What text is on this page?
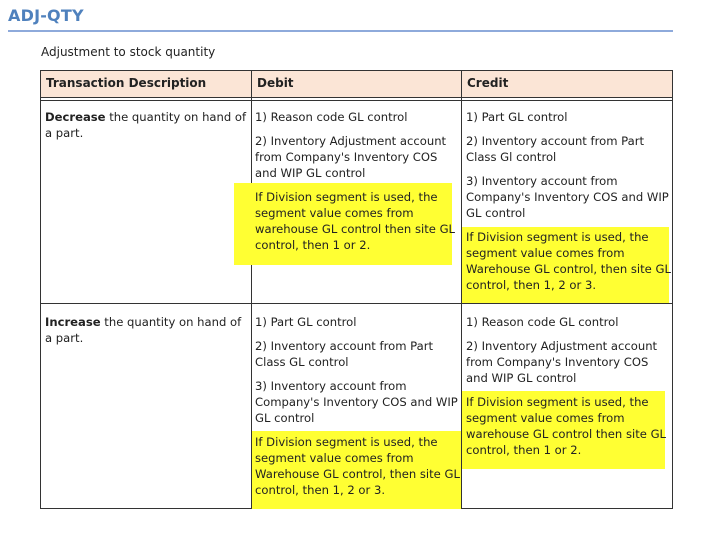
ADJ-QTY
Adjustment to stock quantity
Transaction Description	Debit	Credit
Decrease the quantity on hand of a part.

1) Reason code GL control

2) Inventory Adjustment account from Company's Inventory COS and WIP GL control

If Division segment is used, the segment value comes from warehouse GL control then site GL control, then 1 or 2.

1) Part GL control

2) Inventory account from Part Class Gl control

3) Inventory account from Company's Inventory COS and WIP GL control

If Division segment is used, the segment value comes from Warehouse GL control, then site GL control, then 1, 2 or 3.

Increase the quantity on hand of a part.

1) Part GL control

2) Inventory account from Part Class GL control

3) Inventory account from Company's Inventory COS and WIP GL control

If Division segment is used, the segment value comes from Warehouse GL control, then site GL control, then 1, 2 or 3.

1) Reason code GL control

2) Inventory Adjustment account from Company's Inventory COS and WIP GL control

If Division segment is used, the segment value comes from warehouse GL control then site GL control, then 1 or 2.
